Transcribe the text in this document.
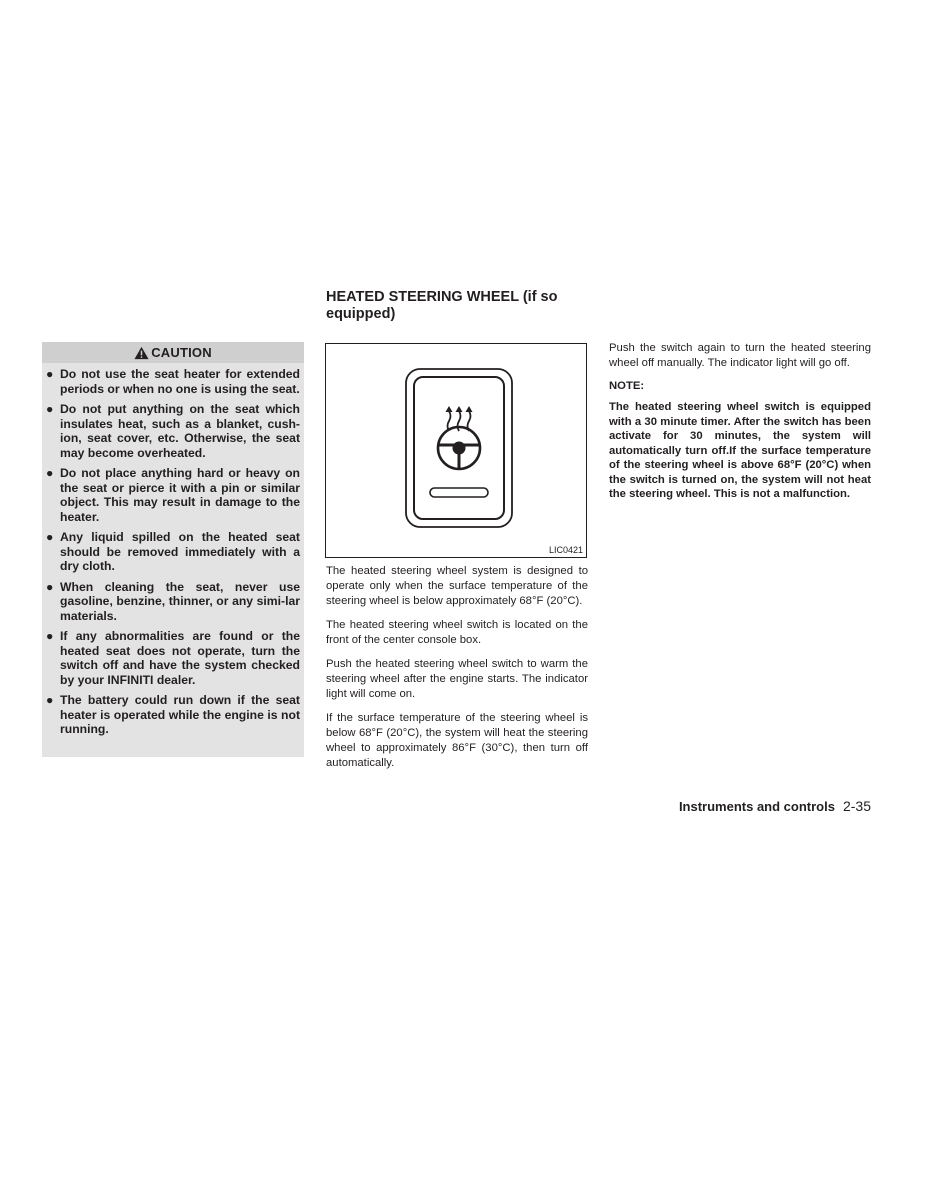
CAUTION
● Do not use the seat heater for extended periods or when no one is using the seat.
● Do not put anything on the seat which insulates heat, such as a blanket, cush-ion, seat cover, etc. Otherwise, the seat may become overheated.
● Do not place anything hard or heavy on the seat or pierce it with a pin or similar object. This may result in damage to the heater.
● Any liquid spilled on the heated seat should be removed immediately with a dry cloth.
● When cleaning the seat, never use gasoline, benzine, thinner, or any simi-lar materials.
● If any abnormalities are found or the heated seat does not operate, turn the switch off and have the system checked by your INFINITI dealer.
● The battery could run down if the seat heater is operated while the engine is not running.
HEATED STEERING WHEEL (if so equipped)
LIC0421

The heated steering wheel system is designed to operate only when the surface temperature of the steering wheel is below approximately 68°F (20°C).

The heated steering wheel switch is located on the front of the center console box.

Push the heated steering wheel switch to warm the steering wheel after the engine starts. The indicator light will come on.

If the surface temperature of the steering wheel is below 68°F (20°C), the system will heat the steering wheel to approximately 86°F (30°C), then turn off automatically.

Push the switch again to turn the heated steering wheel off manually. The indicator light will go off.

NOTE:

The heated steering wheel switch is equipped with a 30 minute timer. After the switch has been activate for 30 minutes, the system will automatically turn off.If the surface temperature of the steering wheel is above 68°F (20°C) when the switch is turned on, the system will not heat the steering wheel. This is not a malfunction.

Instruments and controls 2-35
